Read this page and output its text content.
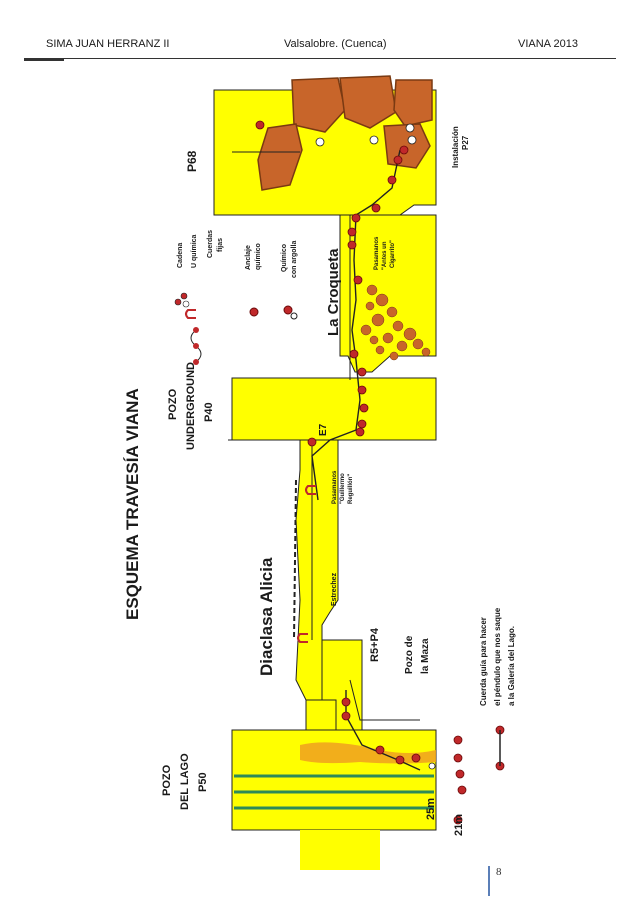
SIMA JUAN HERRANZ II	Valsalobre. (Cuenca)	VIANA 2013
ESQUEMA TRAVESÍA VIANA
P68	Instalación P27
Pasamanos "Antes un Cigarrito"
La Croqueta
POZO UNDERGROUND P40
E7
Pasamanos "Guillermo Reguillón"
Diaclasa Alicia	Estrechez
R5+P4 Pozo de la Maza
POZO DEL LAGO P50
25m
21m
Cuerda guía para hacer el péndulo que nos saque a la Galería del Lago.
Cadena U química Cuerdas fijas
Anclaje químico	Químico con argolla
8
